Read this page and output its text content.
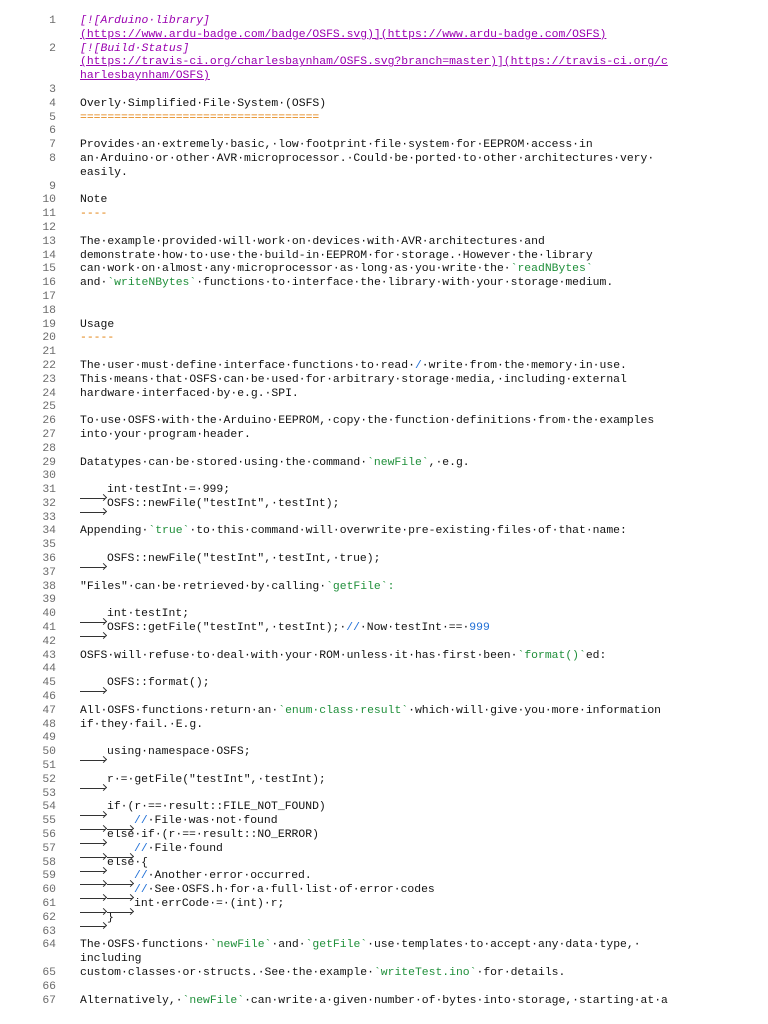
1
2
3
4
5
6
7
8
9
10
11
12
13
14
15
16
17
18
19
20
21
22
23
24
25
26
27
28
29
30
31
32
33
34
35
36
37
38
39
40
41
42
43
44
45
46
47
48
49
50
51
52
53
54
55
56
57
58
59
60
61
62
63
64
65
66
67
[![Arduino·library]
(https://www.ardu-badge.com/badge/OSFS.svg)](https://www.ardu-badge.com/OSFS)
[![Build·Status]
(https://travis-ci.org/charlesbaynham/OSFS.svg?branch=master)](https://travis-ci.org/c
harlesbaynham/OSFS)
Overly·Simplified·File·System·(OSFS)
===================================
Provides·an·extremely·basic,·low·footprint·file·system·for·EEPROM·access·in
an·Arduino·or·other·AVR·microprocessor.·Could·be·ported·to·other·architectures·very·
easily.
Note
----
The·example·provided·will·work·on·devices·with·AVR·architectures·and
demonstrate·how·to·use·the·build-in·EEPROM·for·storage.·However·the·library
can·work·on·almost·any·microprocessor·as·long·as·you·write·the·`readNBytes`
and·`writeNBytes`·functions·to·interface·the·library·with·your·storage·medium.
Usage
-----
The·user·must·define·interface·functions·to·read·/·write·from·the·memory·in·use.
This·means·that·OSFS·can·be·used·for·arbitrary·storage·media,·including·external
hardware·interfaced·by·e.g.·SPI.
To·use·OSFS·with·the·Arduino·EEPROM,·copy·the·function·definitions·from·the·examples
into·your·program·header.
Datatypes·can·be·stored·using·the·command·`newFile`,·e.g.
int·testInt·=·999;
OSFS::newFile("testInt",·testInt);
Appending·`true`·to·this·command·will·overwrite·pre-existing·files·of·that·name:
OSFS::newFile("testInt",·testInt,·true);
"Files"·can·be·retrieved·by·calling·`getFile`:
int·testInt;
OSFS::getFile("testInt",·testInt);·//·Now·testInt·==·999
OSFS·will·refuse·to·deal·with·your·ROM·unless·it·has·first·been·`format()`ed:
OSFS::format();
All·OSFS·functions·return·an·`enum·class·result`·which·will·give·you·more·information
if·they·fail.·E.g.
using·namespace·OSFS;
r·=·getFile("testInt",·testInt);
if·(r·==·result::FILE_NOT_FOUND)
//·File·was·not·found
else·if·(r·==·result::NO_ERROR)
//·File·found
else·{
//·Another·error·occurred.
//·See·OSFS.h·for·a·full·list·of·error·codes
int·errCode·=·(int)·r;
}
The·OSFS·functions·`newFile`·and·`getFile`·use·templates·to·accept·any·data·type,·
including
custom·classes·or·structs.·See·the·example·`writeTest.ino`·for·details.
Alternatively,·`newFile`·can·write·a·given·number·of·bytes·into·storage,·starting·at·a
